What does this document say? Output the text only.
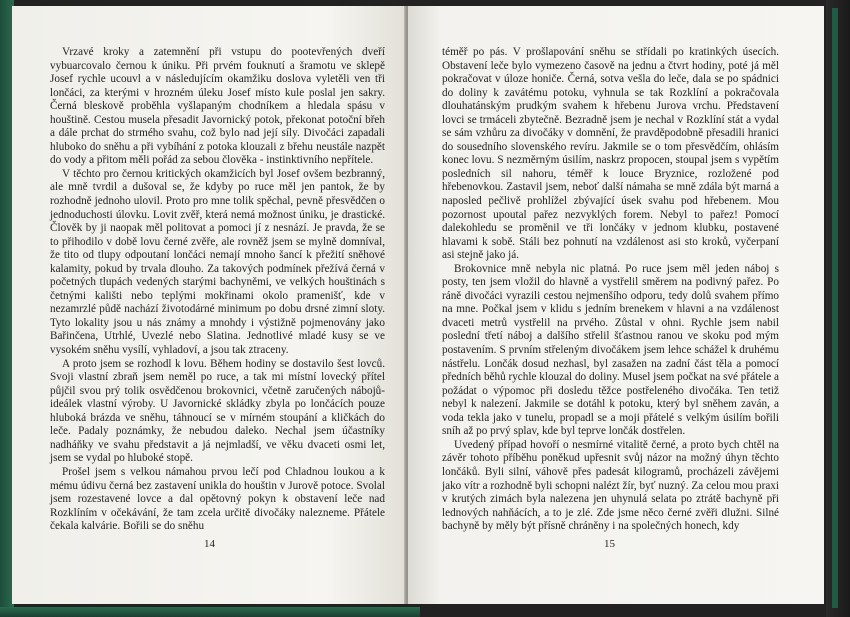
Vrzavé kroky a zatemnění při vstupu do pootevřených dveří vybuarcovalo černou k úniku. Při prvém fouknutí a šramotu ve sklepě Josef rychle ucouvl a v následujícím okamžiku doslova vyletěli ven tři lončáci, za kterými v hrozném úleku Josef místo kule poslal jen sakry. Černá bleskově proběhla vyšlapaným chodníkem a hledala spásu v houštině. Cestou musela přesadit Javornický potok, překonat potoční břeh a dále prchat do strmého svahu, což bylo nad její síly. Divočáci zapadali hluboko do sněhu a při vybíhání z potoka klouzali z břehu neustále nazpět do vody a přitom měli pořád za sebou člověka - instinktivního nepřítele.

V těchto pro černou kritických okamžicích byl Josef ovšem bezbranný, ale mně tvrdil a dušoval se, že kdyby po ruce měl jen pantok, že by rozhodně jednoho ulovil. Proto pro mne tolik spěchal, pevně přesvědčen o jednoduchosti úlovku. Lovit zvěř, která nemá možnost úniku, je drastické. Člověk by ji naopak měl politovat a pomoci jí z nesnází. Je pravda, že se to přihodilo v době lovu černé zvěře, ale rovněž jsem se mylně domníval, že tito od tlupy odpoutaní lončáci nemají mnoho šancí k přežití sněhové kalamity, pokud by trvala dlouho. Za takových podmínek přežívá černá v početných tlupách vedených starými bachyněmi, ve velkých houštinách s četnými kališti nebo teplými mokřinami okolo pramenišť, kde v nezamrzlé půdě nachází životodárné minimum po dobu drsné zimní sloty. Tyto lokality jsou u nás známy a mnohdy i výstižně pojmenovány jako Bařinčena, Utrhlé, Uvezlé nebo Slatina. Jednotlivé mladé kusy se ve vysokém sněhu vysílí, vyhladoví, a jsou tak ztraceny.

A proto jsem se rozhodl k lovu. Během hodiny se dostavilo šest lovců. Svoji vlastní zbraň jsem neměl po ruce, a tak mi místní lovecký přítel půjčil svou prý tolik osvědčenou brokovnici, včetně zaručených nábojů- ideálek vlastní výroby. U Javornické skládky zbyla po lončácích pouze hluboká brázda ve sněhu, táhnoucí se v mírném stoupání a kličkách do leče. Padaly poznámky, že nebudou daleko. Nechal jsem účastníky nadháňky ve svahu představit a já nejmladší, ve věku dvaceti osmi let, jsem se vydal po hluboké stopě.

Prošel jsem s velkou námahou prvou lečí pod Chladnou loukou a k mému údivu černá bez zastavení unikla do houštin v Jurově potoce. Svolal jsem rozestavené lovce a dal opětovný pokyn k obstavení leče nad Rozklíním v očekávání, že tam zcela určitě divočáky nalezneme. Přátele čekala kalvárie. Bořili se do sněhu

14

téměř po pás. V prošlapování sněhu se střídali po kratinkých úsecích. Obstavení leče bylo vymezeno časově na jednu a čtvrt hodiny, poté já měl pokračovat v úloze honiče. Černá, sotva vešla do leče, dala se po spádnici do doliny k zavátému potoku, vyhnula se tak Rozklíní a pokračovala dlouhatánským prudkým svahem k hřebenu Jurova vrchu. Představení lovci se trmáceli zbytečně. Bezradně jsem je nechal v Rozklíní stát a vydal se sám vzhůru za divočáky v domnění, že pravděpodobně přesadili hranici do sousedního slovenského revíru. Jakmile se o tom přesvědčím, ohlásím konec lovu. S nezměrným úsilím, naskrz propocen, stoupal jsem s vypětím posledních sil nahoru, téměř k louce Bryznice, rozložené pod hřebenovkou. Zastavil jsem, neboť další námaha se mně zdála být marná a naposled pečlivě prohlížel zbývající úsek svahu pod hřebenem. Mou pozornost upoutal pařez nezvyklých forem. Nebyl to pařez! Pomocí dalekohledu se proměnil ve tři lončáky v jednom klubku, postavené hlavami k sobě. Stáli bez pohnutí na vzdálenost asi sto kroků, vyčerpaní asi stejně jako já.

Brokovnice mně nebyla nic platná. Po ruce jsem měl jeden náboj s posty, ten jsem vložil do hlavně a vystřelil směrem na podivný pařez. Po ráně divočáci vyrazili cestou nejmenšího odporu, tedy dolů svahem přímo na mne. Počkal jsem v klidu s jedním brenekem v hlavni a na vzdálenost dvaceti metrů vystřelil na prvého. Zůstal v ohni. Rychle jsem nabil poslední třetí náboj a dalšího střelil šťastnou ranou ve skoku pod mým postavením. S prvním střeleným divočákem jsem lehce schážel k druhému nástřelu. Lončák dosud nezhasl, byl zasažen na zadní část těla a pomocí předních běhů rychle klouzal do doliny. Musel jsem počkat na své přátele a požádat o výpomoc při dosledu těžce postřeleného divočáka. Ten tetiž nebyl k nalezení. Jakmile se dotáhl k potoku, který byl sněhem zaván, a voda tekla jako v tunelu, propadl se a moji přátelé s velkým úsilím bořili sníh až po prvý splav, kde byl teprve lončák dostřelen.

Uvedený případ hovoří o nesmírné vitalitě černé, a proto bych chtěl na závěr tohoto příběhu poněkud upřesnit svůj názor na možný úhyn těchto lončáků. Byli silní, váhově přes padesát kilogramů, procházeli závějemi jako vítr a rozhodně byli schopni nalézt žír, byť nuzný. Za celou mou praxi v krutých zimách byla nalezena jen uhynulá selata po ztrátě bachyně při lednových nahňácích, a to je zlé. Zde jsme něco černé zvěři dlužni. Silné bachyně by měly být přísně chráněny i na společných honech, kdy

15
